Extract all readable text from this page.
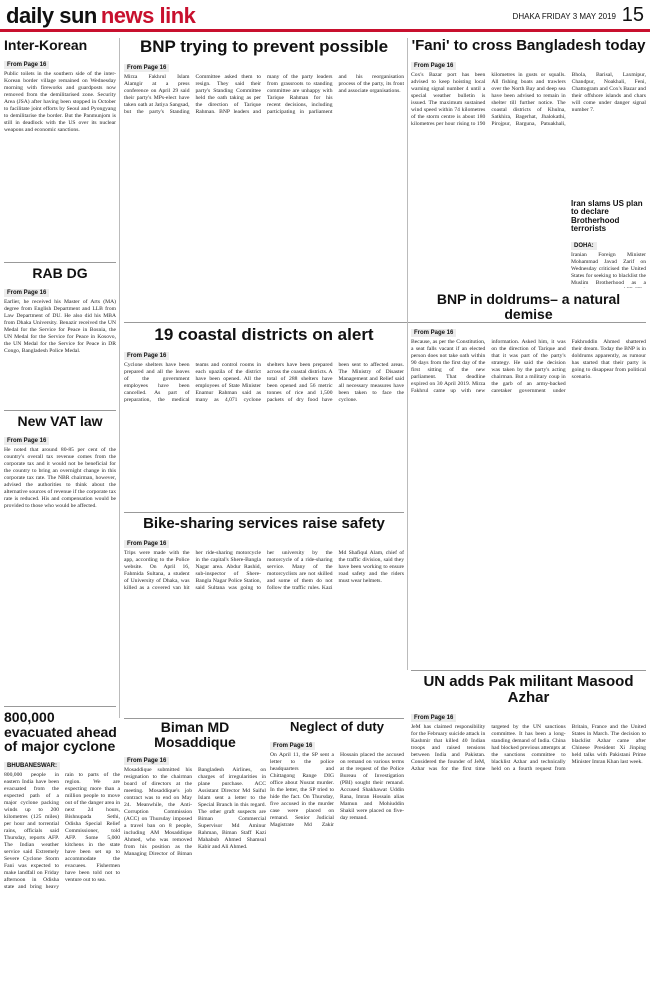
daily sun news link	DHAKA FRIDAY 3 MAY 2019 15
Inter-Korean
From Page 16

Public toilets in the southern side of the inter-Korean border village remained on Wednesday morning with fireworks and guardposts now removed from the demilitarised zone. Security Area (JSA) after having been stopped in October to facilitate joint efforts by Seoul and Pyongyang to demilitarise the border. But the Panmunjom is still in deadlock with the US over its nuclear weapons and economic sanctions.

RAB DG
From Page 16

Earlier, he received his Master of Arts (MA) degree from English Department and LLB from Law Department of DU. He also did his MBA from Dhaka University. Benazir received the UN Medal for the Service for Peace in Bosnia, the UN Medal for the Service for Peace in Kosovo, the UN Medal for the Service for Peace in DR Congo, Bangladesh Police Medal.

New VAT law
From Page 16

He noted that around 80-85 per cent of the country's overall tax revenue comes from the corporate tax and it would not be beneficial for the country to bring an overnight change in this corporate tax rate. The NBR chairman, however, advised the authorities to think about the alternative sources of revenue if the corporate tax rate is reduced. His and compensation would be provided to those who would be affected.

BNP trying to prevent possible
From Page 16

Mirza Fakhrul Islam Alamgir at a press conference on April 29 said their party's MPs-elect have taken oath at Jatiya Sangsad, but the party's Standing Committee asked them to resign. They said their party's Standing Committee held the oath taking as per the direction of Tarique Rahman. BNP leaders and many of the party leaders from grassroots to standing committee are unhappy with Tarique Rahman for his recent decisions, including participating in parliament and his reorganisation process of the party, its front and associate organisations.

'Fani' to cross Bangladesh today
From Page 16

Cox's Bazar port has been advised to keep hoisting local warning signal number 4 until a special weather bulletin is issued. The maximum sustained wind speed within 74 kilometres of the storm centre is about 180 kilometres per hour rising to 190 kilometres in gusts or squalls. All fishing boats and trawlers over the North Bay and deep sea have been advised to remain in shelter till further notice. The coastal districts of Khulna, Satkhira, Bagerhat, Jhalokathi, Pirojpur, Barguna, Patuakhali, Bhola, Barisal, Laxmipur, Chandpur, Noakhali, Feni, Chattogram and Cox's Bazar and their offshore islands and chars will come under danger signal number 7.

19 coastal districts on alert
From Page 16

Cyclone shelters have been prepared and all the leaves of the government employees have been cancelled. As part of preparation, the medical teams and control rooms in each upazila of the district have been opened. All the employees of State Minister Enamur Rahman said as many as 4,071 cyclone shelters have been prepared across the coastal districts. A total of 288 shelters have been opened and 56 metric tonnes of rice and 1,500 packets of dry food have been sent to affected areas. The Ministry of Disaster Management and Relief said all necessary measures have been taken to face the cyclone.

BNP in doldrums– a natural demise
From Page 16

Because, as per the Constitution, a seat falls vacant if an elected person does not take oath within 90 days from the first day of the first sitting of the new parliament. That deadline expired on 30 April 2019. Mirza Fakhrul came up with new information. Asked him, it was on the direction of Tarique and that it was part of the party's strategy. He said the decision was taken by the party's acting chairman. But a military coup in the garb of an army-backed caretaker government under Fakhruddin Ahmed shattered their dream. Today the BNP is in doldrums apparently, as rumour has started that their party is going to disappear from political scenario.

Bike-sharing services raise safety
From Page 16

Trips were made with the app, according to the Police website. On April 16, Fahmida Sultana, a student of University of Dhaka, was killed as a covered van hit her ride-sharing motorcycle in the capital's Shere-Bangla Nagar area. Abdur Rashid, sub-inspector of Shere-Bangla Nagar Police Station, said Sultana was going to her university by the motorcycle of a ride-sharing service. Many of the motorcyclists are not skilled and some of them do not follow the traffic rules. Kazi Md Shafiqul Alam, chief of the traffic division, said they have been working to ensure road safety and the riders must wear helmets.

Neglect of duty
From Page 16

On April 11, the SP sent a letter to the police headquarters and Chittagong Range DIG office about Nusrat murder. In the letter, the SP tried to hide the fact. On Thursday, five accused in the murder case were placed on remand. Senior Judicial Magistrate Md Zakir Hossain placed the accused on remand on various terms at the request of the Police Bureau of Investigation (PBI) sought their remand. Accused Shakhawat Uddin Rana, Imran Hossain alias Mamun and Mohiuddin Shakil were placed on five-day remand.

UN adds Pak militant Masood Azhar
From Page 16

JeM has claimed responsibility for the February suicide attack in Kashmir that killed 40 Indian troops and raised tensions between India and Pakistan. Considered the founder of JeM, Azhar was for the first time targeted by the UN sanctions committee. It has been a long-standing demand of India. China had blocked previous attempts at the sanctions committee to blacklist Azhar and technically held on a fourth request from Britain, France and the United States in March. The decision to blacklist Azhar came after Chinese President Xi Jinping held talks with Pakistani Prime Minister Imran Khan last week.

Biman MD Mosaddique
From Page 16

Mosaddique submitted his resignation to the chairman board of directors at the meeting. Mosaddique's job contract was to end on May 24. Meanwhile, the Anti-Corruption Commission (ACC) on Thursday imposed a travel ban on 8 people, including AM Mosaddique Ahmed, who was removed from his position as the Managing Director of Biman Bangladesh Airlines, on charges of irregularities in plane purchase. ACC Assistant Director Md Saiful Islam sent a letter to the Special Branch in this regard. The other graft suspects are Biman Commercial Supervisor Md Aminur Rahman, Biman Staff Kazi Mahabub Ahmed Shamsul Kabir and Ali Ahmed.

800,000 evacuated ahead of major cyclone
BHUBANESWAR:

800,000 people in eastern India have been evacuated from the expected path of a major cyclone packing winds up to 200 kilometres (125 miles) per hour and torrential rains, officials said Thursday, reports AFP. The Indian weather service said Extremely Severe Cyclone Storm Fani was expected to make landfall on Friday afternoon in Odisha state and bring heavy rain to parts of the region. We are expecting more than a million people to move out of the danger area in next 24 hours, Bishnupada Sethi, Odisha Special Relief Commissioner, told AFP. Some 5,000 kitchens in the state have been set up to accommodate the evacuees. Fishermen have been told not to venture out to sea.

Iran slams US plan to declare Brotherhood terrorists
DOHA:

Iranian Foreign Minister Mohammad Javad Zarif on Wednesday criticised the United States for seeking to blacklist the Muslim Brotherhood as a
